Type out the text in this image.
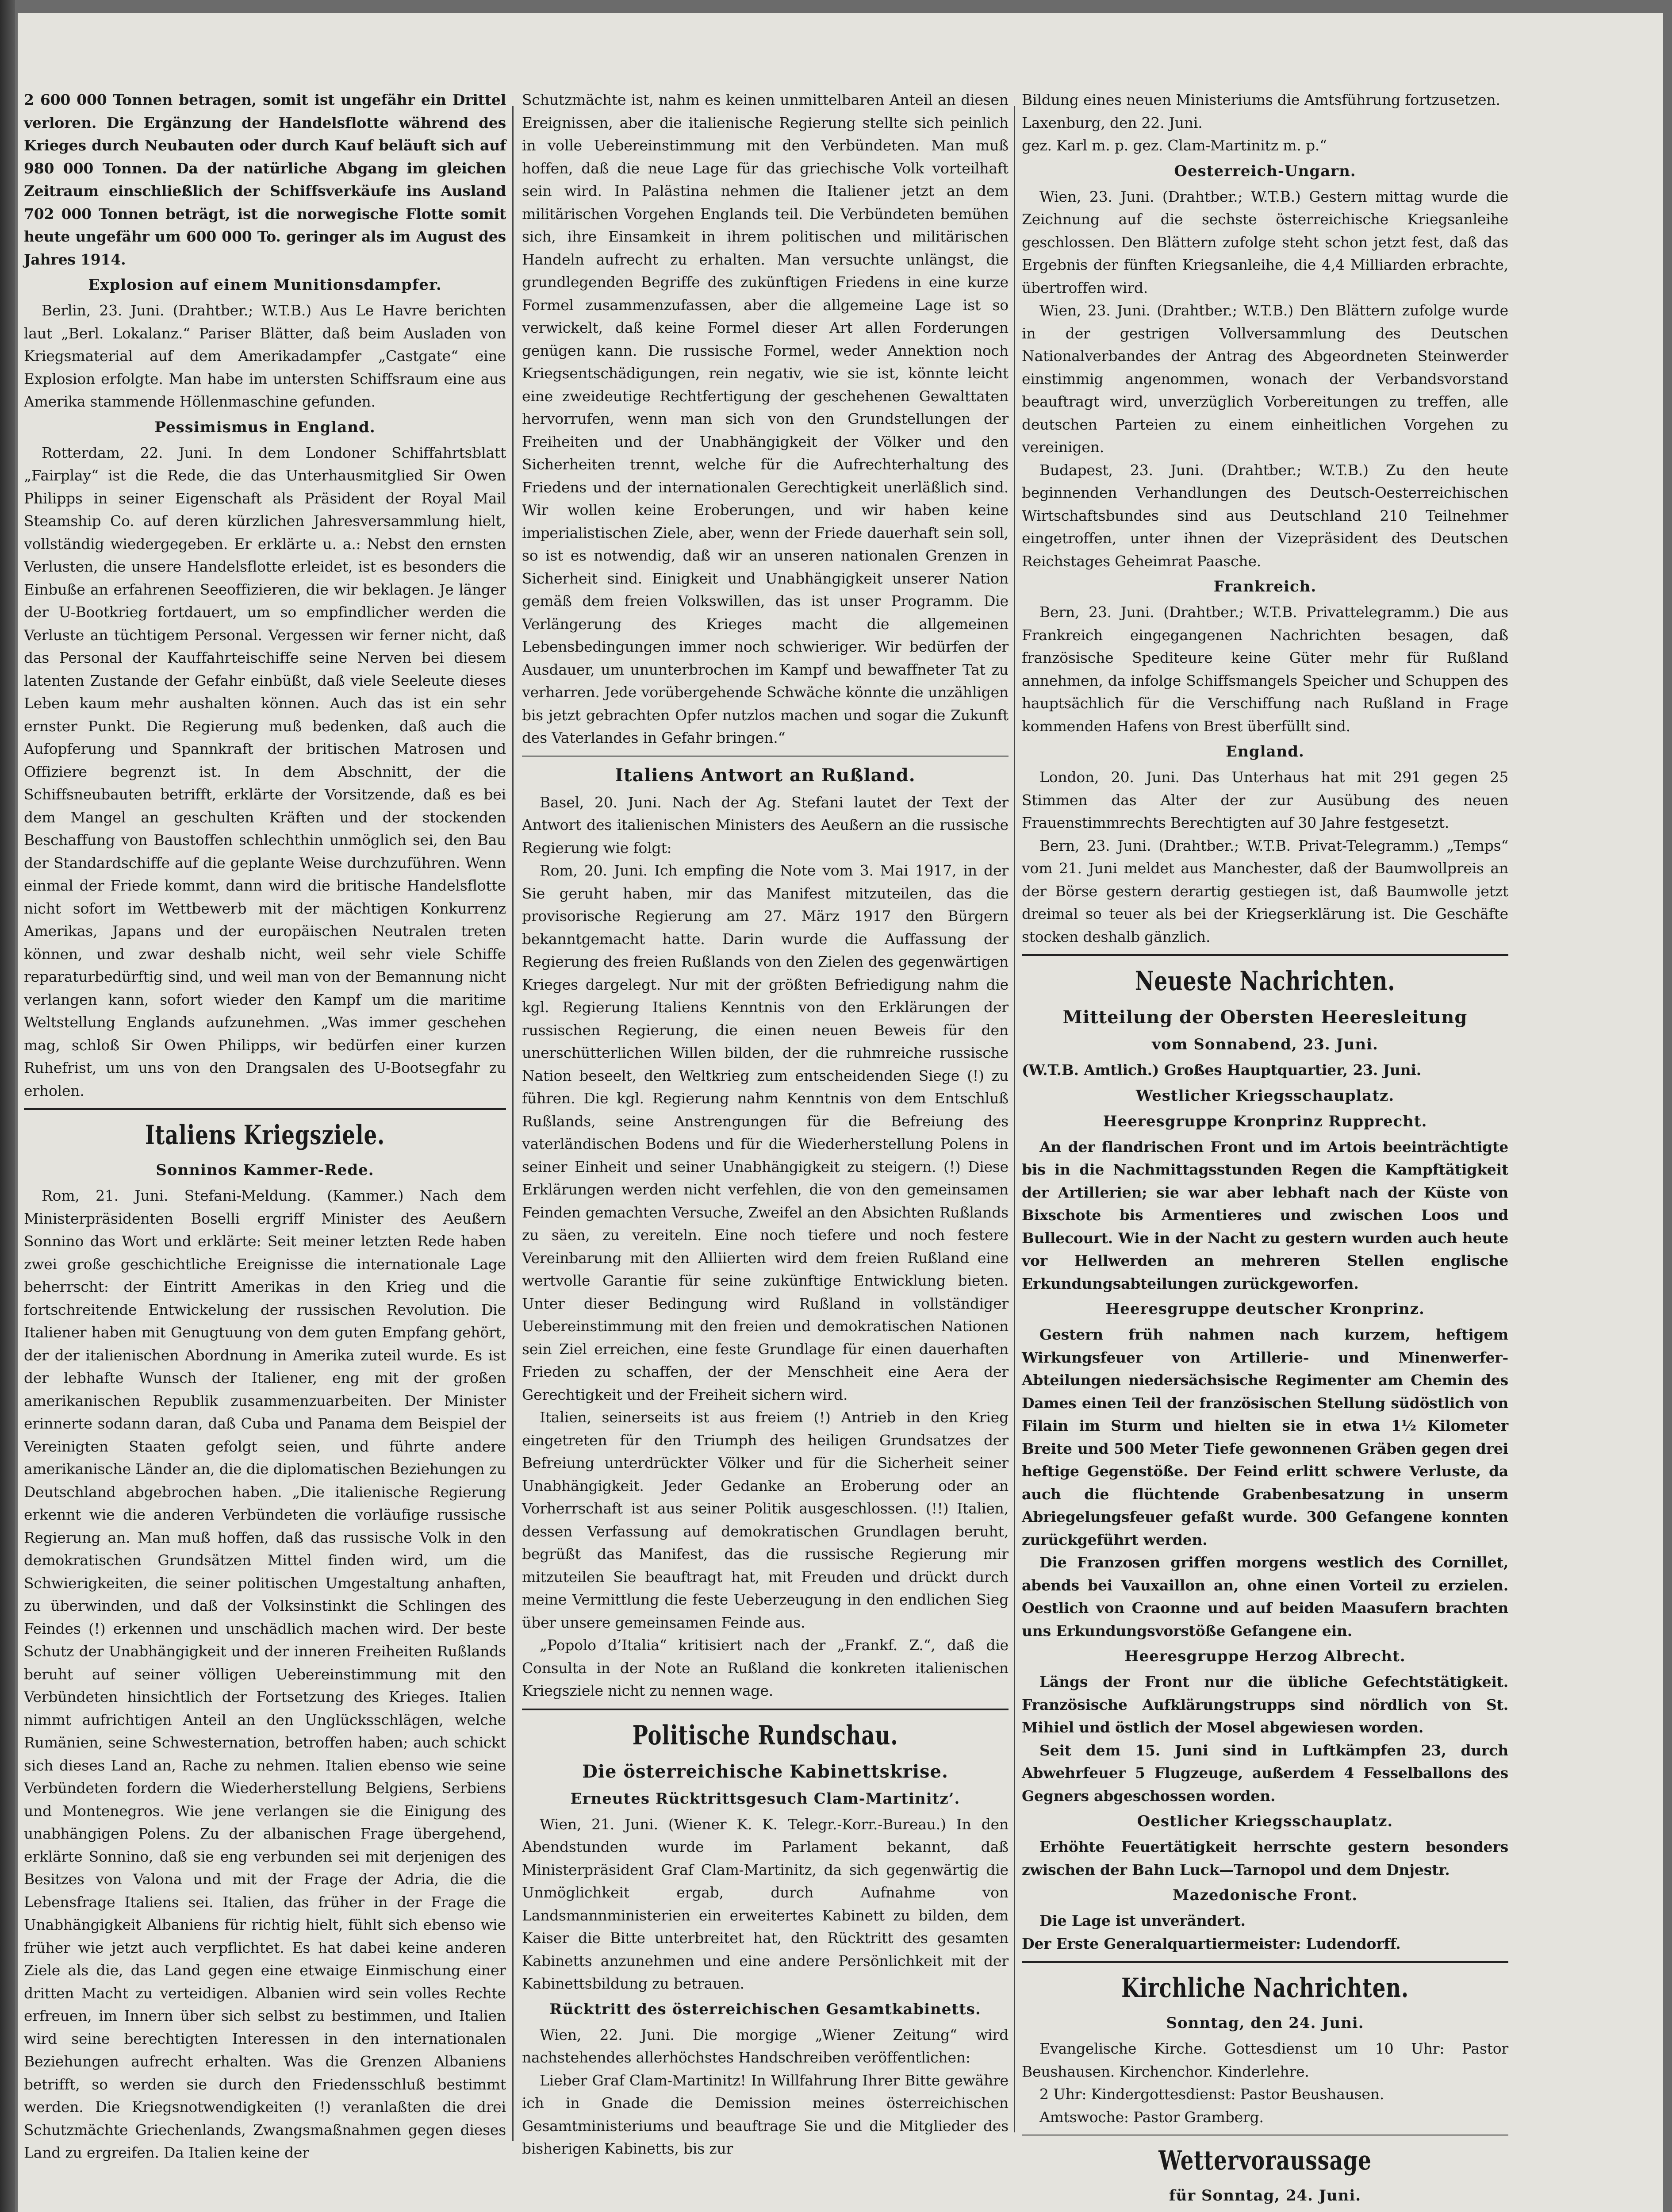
2 600 000 Tonnen betragen, somit ist ungefähr ein Drittel verloren. Die Ergänzung der Handelsflotte während des Krieges durch Neubauten oder durch Kauf beläuft sich auf 980 000 Tonnen. Da der natürliche Abgang im gleichen Zeitraum einschließlich der Schiffsverkäufe ins Ausland 702 000 Tonnen beträgt, ist die norwegische Flotte somit heute ungefähr um 600 000 To. geringer als im August des Jahres 1914.

Explosion auf einem Munitionsdampfer.

Berlin, 23. Juni. (Drahtber.; W.T.B.) Aus Le Havre berichten laut „Berl. Lokalanz.“ Pariser Blätter, daß beim Ausladen von Kriegsmaterial auf dem Amerikadampfer „Castgate“ eine Explosion erfolgte. Man habe im untersten Schiffsraum eine aus Amerika stammende Höllenmaschine gefunden.

Pessimismus in England.

Rotterdam, 22. Juni. In dem Londoner Schiffahrtsblatt „Fairplay“ ist die Rede, die das Unterhausmitglied Sir Owen Philipps in seiner Eigenschaft als Präsident der Royal Mail Steamship Co. auf deren kürzlichen Jahresversammlung hielt, vollständig wiedergegeben. Er erklärte u. a.: Nebst den ernsten Verlusten, die unsere Handelsflotte erleidet, ist es besonders die Einbuße an erfahrenen Seeoffizieren, die wir beklagen. Je länger der U-Bootkrieg fortdauert, um so empfindlicher werden die Verluste an tüchtigem Personal. Vergessen wir ferner nicht, daß das Personal der Kauffahrteischiffe seine Nerven bei diesem latenten Zustande der Gefahr einbüßt, daß viele Seeleute dieses Leben kaum mehr aushalten können. Auch das ist ein sehr ernster Punkt. Die Regierung muß bedenken, daß auch die Aufopferung und Spannkraft der britischen Matrosen und Offiziere begrenzt ist. In dem Abschnitt, der die Schiffsneubauten betrifft, erklärte der Vorsitzende, daß es bei dem Mangel an geschulten Kräften und der stockenden Beschaffung von Baustoffen schlechthin unmöglich sei, den Bau der Standardschiffe auf die geplante Weise durchzuführen. Wenn einmal der Friede kommt, dann wird die britische Handelsflotte nicht sofort im Wettbewerb mit der mächtigen Konkurrenz Amerikas, Japans und der europäischen Neutralen treten können, und zwar deshalb nicht, weil sehr viele Schiffe reparaturbedürftig sind, und weil man von der Bemannung nicht verlangen kann, sofort wieder den Kampf um die maritime Weltstellung Englands aufzunehmen. „Was immer geschehen mag, schloß Sir Owen Philipps, wir bedürfen einer kurzen Ruhefrist, um uns von den Drangsalen des U-Bootsegfahr zu erholen.

Italiens Kriegsziele.
Sonninos Kammer-Rede.

Rom, 21. Juni. Stefani-Meldung. (Kammer.) Nach dem Ministerpräsidenten Boselli ergriff Minister des Aeußern Sonnino das Wort und erklärte: Seit meiner letzten Rede haben zwei große geschichtliche Ereignisse die internationale Lage beherrscht: der Eintritt Amerikas in den Krieg und die fortschreitende Entwickelung der russischen Revolution. Die Italiener haben mit Genugtuung von dem guten Empfang gehört, der der italienischen Abordnung in Amerika zuteil wurde. Es ist der lebhafte Wunsch der Italiener, eng mit der großen amerikanischen Republik zusammenzuarbeiten. Der Minister erinnerte sodann daran, daß Cuba und Panama dem Beispiel der Vereinigten Staaten gefolgt seien, und führte andere amerikanische Länder an, die die diplomatischen Beziehungen zu Deutschland abgebrochen haben. „Die italienische Regierung erkennt wie die anderen Verbündeten die vorläufige russische Regierung an. Man muß hoffen, daß das russische Volk in den demokratischen Grundsätzen Mittel finden wird, um die Schwierigkeiten, die seiner politischen Umgestaltung anhaften, zu überwinden, und daß der Volksinstinkt die Schlingen des Feindes (!) erkennen und unschädlich machen wird. Der beste Schutz der Unabhängigkeit und der inneren Freiheiten Rußlands beruht auf seiner völligen Uebereinstimmung mit den Verbündeten hinsichtlich der Fortsetzung des Krieges. Italien nimmt aufrichtigen Anteil an den Unglücksschlägen, welche Rumänien, seine Schwesternation, betroffen haben; auch schickt sich dieses Land an, Rache zu nehmen. Italien ebenso wie seine Verbündeten fordern die Wiederherstellung Belgiens, Serbiens und Montenegros. Wie jene verlangen sie die Einigung des unabhängigen Polens. Zu der albanischen Frage übergehend, erklärte Sonnino, daß sie eng verbunden sei mit derjenigen des Besitzes von Valona und mit der Frage der Adria, die die Lebensfrage Italiens sei. Italien, das früher in der Frage die Unabhängigkeit Albaniens für richtig hielt, fühlt sich ebenso wie früher wie jetzt auch verpflichtet. Es hat dabei keine anderen Ziele als die, das Land gegen eine etwaige Einmischung einer dritten Macht zu verteidigen. Albanien wird sein volles Rechte erfreuen, im Innern über sich selbst zu bestimmen, und Italien wird seine berechtigten Interessen in den internationalen Beziehungen aufrecht erhalten. Was die Grenzen Albaniens betrifft, so werden sie durch den Friedensschluß bestimmt werden. Die Kriegsnotwendigkeiten (!) veranlaßten die drei Schutzmächte Griechenlands, Zwangsmaßnahmen gegen dieses Land zu ergreifen. Da Italien keine der

Schutzmächte ist, nahm es keinen unmittelbaren Anteil an diesen Ereignissen, aber die italienische Regierung stellte sich peinlich in volle Uebereinstimmung mit den Verbündeten. Man muß hoffen, daß die neue Lage für das griechische Volk vorteilhaft sein wird. In Palästina nehmen die Italiener jetzt an dem militärischen Vorgehen Englands teil. Die Verbündeten bemühen sich, ihre Einsamkeit in ihrem politischen und militärischen Handeln aufrecht zu erhalten. Man versuchte unlängst, die grundlegenden Begriffe des zukünftigen Friedens in eine kurze Formel zusammenzufassen, aber die allgemeine Lage ist so verwickelt, daß keine Formel dieser Art allen Forderungen genügen kann. Die russische Formel, weder Annektion noch Kriegsentschädigungen, rein negativ, wie sie ist, könnte leicht eine zweideutige Rechtfertigung der geschehenen Gewalttaten hervorrufen, wenn man sich von den Grundstellungen der Freiheiten und der Unabhängigkeit der Völker und den Sicherheiten trennt, welche für die Aufrechterhaltung des Friedens und der internationalen Gerechtigkeit unerläßlich sind. Wir wollen keine Eroberungen, und wir haben keine imperialistischen Ziele, aber, wenn der Friede dauerhaft sein soll, so ist es notwendig, daß wir an unseren nationalen Grenzen in Sicherheit sind. Einigkeit und Unabhängigkeit unserer Nation gemäß dem freien Volkswillen, das ist unser Programm. Die Verlängerung des Krieges macht die allgemeinen Lebensbedingungen immer noch schwieriger. Wir bedürfen der Ausdauer, um ununterbrochen im Kampf und bewaffneter Tat zu verharren. Jede vorübergehende Schwäche könnte die unzähligen bis jetzt gebrachten Opfer nutzlos machen und sogar die Zukunft des Vaterlandes in Gefahr bringen.“

Italiens Antwort an Rußland.

Basel, 20. Juni. Nach der Ag. Stefani lautet der Text der Antwort des italienischen Ministers des Aeußern an die russische Regierung wie folgt:

Rom, 20. Juni. Ich empfing die Note vom 3. Mai 1917, in der Sie geruht haben, mir das Manifest mitzuteilen, das die provisorische Regierung am 27. März 1917 den Bürgern bekanntgemacht hatte. Darin wurde die Auffassung der Regierung des freien Rußlands von den Zielen des gegenwärtigen Krieges dargelegt. Nur mit der größten Befriedigung nahm die kgl. Regierung Italiens Kenntnis von den Erklärungen der russischen Regierung, die einen neuen Beweis für den unerschütterlichen Willen bilden, der die ruhmreiche russische Nation beseelt, den Weltkrieg zum entscheidenden Siege (!) zu führen. Die kgl. Regierung nahm Kenntnis von dem Entschluß Rußlands, seine Anstrengungen für die Befreiung des vaterländischen Bodens und für die Wiederherstellung Polens in seiner Einheit und seiner Unabhängigkeit zu steigern. (!) Diese Erklärungen werden nicht verfehlen, die von den gemeinsamen Feinden gemachten Versuche, Zweifel an den Absichten Rußlands zu säen, zu vereiteln. Eine noch tiefere und noch festere Vereinbarung mit den Alliierten wird dem freien Rußland eine wertvolle Garantie für seine zukünftige Entwicklung bieten. Unter dieser Bedingung wird Rußland in vollständiger Uebereinstimmung mit den freien und demokratischen Nationen sein Ziel erreichen, eine feste Grundlage für einen dauerhaften Frieden zu schaffen, der der Menschheit eine Aera der Gerechtigkeit und der Freiheit sichern wird.

Italien, seinerseits ist aus freiem (!) Antrieb in den Krieg eingetreten für den Triumph des heiligen Grundsatzes der Befreiung unterdrückter Völker und für die Sicherheit seiner Unabhängigkeit. Jeder Gedanke an Eroberung oder an Vorherrschaft ist aus seiner Politik ausgeschlossen. (!!) Italien, dessen Verfassung auf demokratischen Grundlagen beruht, begrüßt das Manifest, das die russische Regierung mir mitzuteilen Sie beauftragt hat, mit Freuden und drückt durch meine Vermittlung die feste Ueberzeugung in den endlichen Sieg über unsere gemeinsamen Feinde aus.

„Popolo d’Italia“ kritisiert nach der „Frankf. Z.“, daß die Consulta in der Note an Rußland die konkreten italienischen Kriegsziele nicht zu nennen wage.

Politische Rundschau.
Die österreichische Kabinettskrise.
Erneutes Rücktrittsgesuch Clam-Martinitz’.

Wien, 21. Juni. (Wiener K. K. Telegr.-Korr.-Bureau.) In den Abendstunden wurde im Parlament bekannt, daß Ministerpräsident Graf Clam-Martinitz, da sich gegenwärtig die Unmöglichkeit ergab, durch Aufnahme von Landsmannministerien ein erweitertes Kabinett zu bilden, dem Kaiser die Bitte unterbreitet hat, den Rücktritt des gesamten Kabinetts anzunehmen und eine andere Persönlichkeit mit der Kabinettsbildung zu betrauen.

Rücktritt des österreichischen Gesamtkabinetts.

Wien, 22. Juni. Die morgige „Wiener Zeitung“ wird nachstehendes allerhöchstes Handschreiben veröffentlichen:

Lieber Graf Clam-Martinitz! In Willfahrung Ihrer Bitte gewähre ich in Gnade die Demission meines österreichischen Gesamtministeriums und beauftrage Sie und die Mitglieder des bisherigen Kabinetts, bis zur

Bildung eines neuen Ministeriums die Amtsführung fortzusetzen.

Laxenburg, den 22. Juni.

gez. Karl m. p. gez. Clam-Martinitz m. p.“

Oesterreich-Ungarn.

Wien, 23. Juni. (Drahtber.; W.T.B.) Gestern mittag wurde die Zeichnung auf die sechste österreichische Kriegsanleihe geschlossen. Den Blättern zufolge steht schon jetzt fest, daß das Ergebnis der fünften Kriegsanleihe, die 4,4 Milliarden erbrachte, übertroffen wird.

Wien, 23. Juni. (Drahtber.; W.T.B.) Den Blättern zufolge wurde in der gestrigen Vollversammlung des Deutschen Nationalverbandes der Antrag des Abgeordneten Steinwerder einstimmig angenommen, wonach der Verbandsvorstand beauftragt wird, unverzüglich Vorbereitungen zu treffen, alle deutschen Parteien zu einem einheitlichen Vorgehen zu vereinigen.

Budapest, 23. Juni. (Drahtber.; W.T.B.) Zu den heute beginnenden Verhandlungen des Deutsch-Oesterreichischen Wirtschaftsbundes sind aus Deutschland 210 Teilnehmer eingetroffen, unter ihnen der Vizepräsident des Deutschen Reichstages Geheimrat Paasche.

Frankreich.

Bern, 23. Juni. (Drahtber.; W.T.B. Privattelegramm.) Die aus Frankreich eingegangenen Nachrichten besagen, daß französische Spediteure keine Güter mehr für Rußland annehmen, da infolge Schiffsmangels Speicher und Schuppen des hauptsächlich für die Verschiffung nach Rußland in Frage kommenden Hafens von Brest überfüllt sind.

England.

London, 20. Juni. Das Unterhaus hat mit 291 gegen 25 Stimmen das Alter der zur Ausübung des neuen Frauenstimmrechts Berechtigten auf 30 Jahre festgesetzt.

Bern, 23. Juni. (Drahtber.; W.T.B. Privat-Telegramm.) „Temps“ vom 21. Juni meldet aus Manchester, daß der Baumwollpreis an der Börse gestern derartig gestiegen ist, daß Baumwolle jetzt dreimal so teuer als bei der Kriegserklärung ist. Die Geschäfte stocken deshalb gänzlich.

Neueste Nachrichten.
Mitteilung der Obersten Heeresleitung
vom Sonnabend, 23. Juni.

(W.T.B. Amtlich.) Großes Hauptquartier, 23. Juni.

Westlicher Kriegsschauplatz.
Heeresgruppe Kronprinz Rupprecht.

An der flandrischen Front und im Artois beeinträchtigte bis in die Nachmittagsstunden Regen die Kampftätigkeit der Artillerien; sie war aber lebhaft nach der Küste von Bixschote bis Armentieres und zwischen Loos und Bullecourt. Wie in der Nacht zu gestern wurden auch heute vor Hellwerden an mehreren Stellen englische Erkundungsabteilungen zurückgeworfen.

Heeresgruppe deutscher Kronprinz.

Gestern früh nahmen nach kurzem, heftigem Wirkungsfeuer von Artillerie- und Minenwerfer-Abteilungen niedersächsische Regimenter am Chemin des Dames einen Teil der französischen Stellung südöstlich von Filain im Sturm und hielten sie in etwa 1½ Kilometer Breite und 500 Meter Tiefe gewonnenen Gräben gegen drei heftige Gegenstöße. Der Feind erlitt schwere Verluste, da auch die flüchtende Grabenbesatzung in unserm Abriegelungsfeuer gefaßt wurde. 300 Gefangene konnten zurückgeführt werden.

Die Franzosen griffen morgens westlich des Cornillet, abends bei Vauxaillon an, ohne einen Vorteil zu erzielen. Oestlich von Craonne und auf beiden Maasufern brachten uns Erkundungsvorstöße Gefangene ein.

Heeresgruppe Herzog Albrecht.

Längs der Front nur die übliche Gefechtstätigkeit. Französische Aufklärungstrupps sind nördlich von St. Mihiel und östlich der Mosel abgewiesen worden.

Seit dem 15. Juni sind in Luftkämpfen 23, durch Abwehrfeuer 5 Flugzeuge, außerdem 4 Fesselballons des Gegners abgeschossen worden.

Oestlicher Kriegsschauplatz.

Erhöhte Feuertätigkeit herrschte gestern besonders zwischen der Bahn Luck—Tarnopol und dem Dnjestr.

Mazedonische Front.

Die Lage ist unverändert.

Der Erste Generalquartiermeister: Ludendorff.

Kirchliche Nachrichten.
Sonntag, den 24. Juni.

Evangelische Kirche. Gottesdienst um 10 Uhr: Pastor Beushausen. Kirchenchor. Kinderlehre.

2 Uhr: Kindergottesdienst: Pastor Beushausen.

Amtswoche: Pastor Gramberg.

Wettervoraussage
für Sonntag, 24. Juni.
